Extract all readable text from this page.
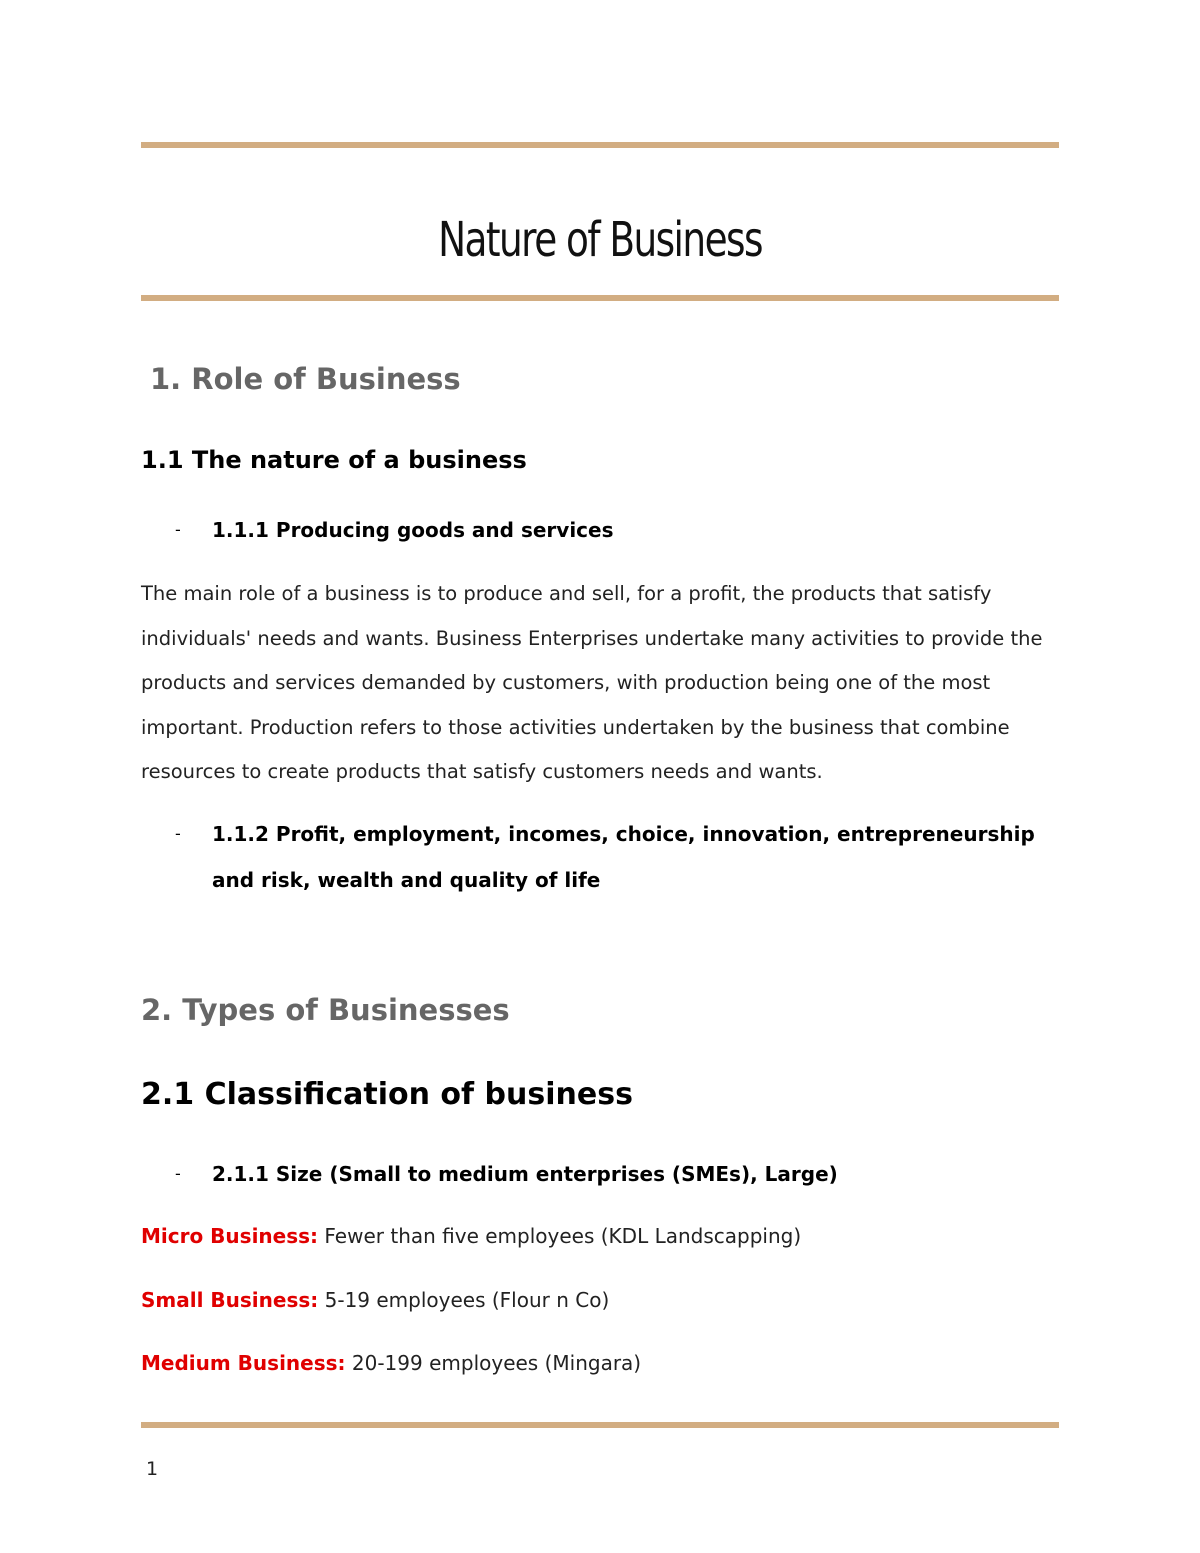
Nature of Business
1. Role of Business
1.1 The nature of a business
- 1.1.1 Producing goods and services

The main role of a business is to produce and sell, for a profit, the products that satisfy individuals' needs and wants. Business Enterprises undertake many activities to provide the products and services demanded by customers, with production being one of the most important. Production refers to those activities undertaken by the business that combine resources to create products that satisfy customers needs and wants.

- 1.1.2 Profit, employment, incomes, choice, innovation, entrepreneurship and risk, wealth and quality of life
2. Types of Businesses
2.1 Classification of business
- 2.1.1 Size (Small to medium enterprises (SMEs), Large)

Micro Business: Fewer than five employees (KDL Landscapping)

Small Business: 5-19 employees (Flour n Co)

Medium Business: 20-199 employees (Mingara)

1
